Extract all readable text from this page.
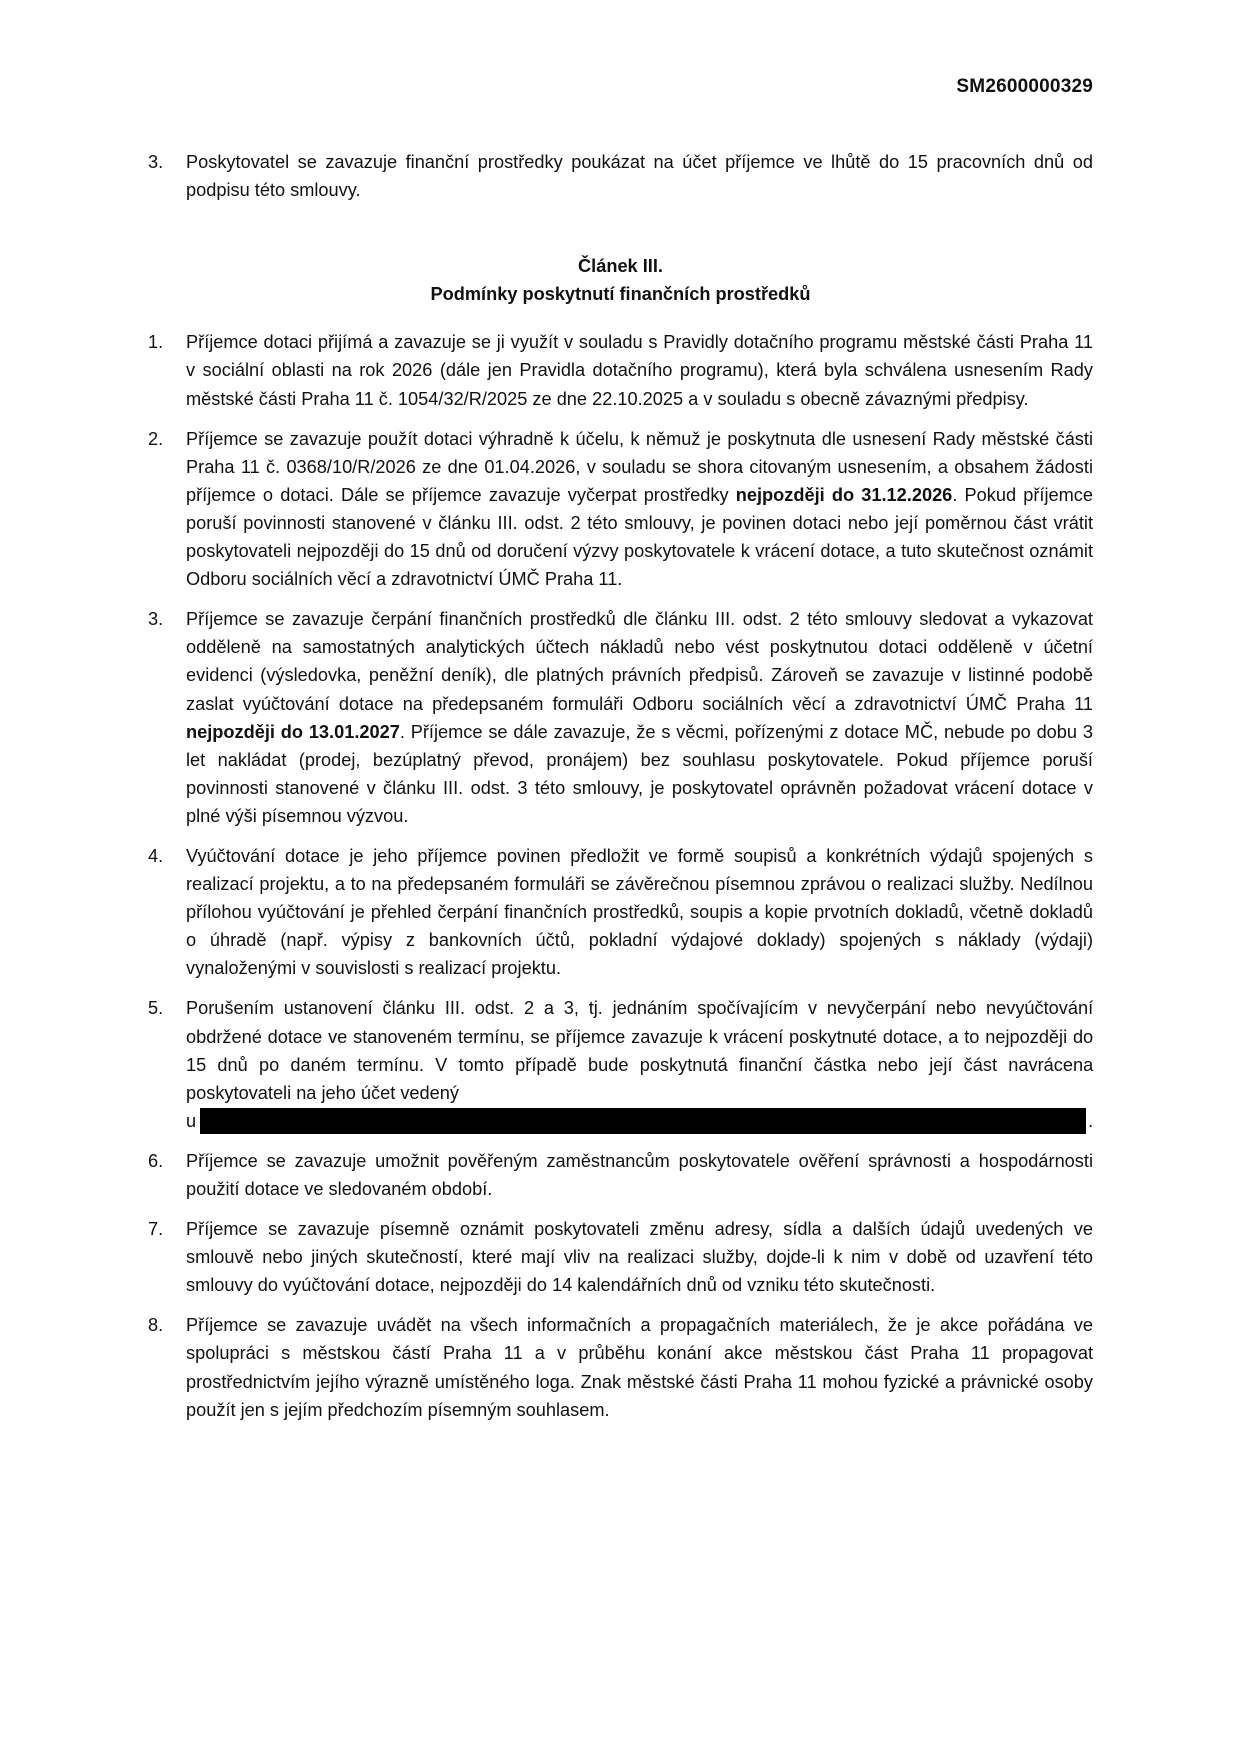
SM2600000329
3.	Poskytovatel se zavazuje finanční prostředky poukázat na účet příjemce ve lhůtě do 15 pracovních dnů od podpisu této smlouvy.
Článek III.
Podmínky poskytnutí finančních prostředků
1.	Příjemce dotaci přijímá a zavazuje se ji využít v souladu s Pravidly dotačního programu městské části Praha 11 v sociální oblasti na rok 2026 (dále jen Pravidla dotačního programu), která byla schválena usnesením Rady městské části Praha 11 č. 1054/32/R/2025 ze dne 22.10.2025 a v souladu s obecně závaznými předpisy.
2.	Příjemce se zavazuje použít dotaci výhradně k účelu, k němuž je poskytnuta dle usnesení Rady městské části Praha 11 č. 0368/10/R/2026 ze dne 01.04.2026, v souladu se shora citovaným usnesením, a obsahem žádosti příjemce o dotaci. Dále se příjemce zavazuje vyčerpat prostředky nejpozději do 31.12.2026. Pokud příjemce poruší povinnosti stanovené v článku III. odst. 2 této smlouvy, je povinen dotaci nebo její poměrnou část vrátit poskytovateli nejpozději do 15 dnů od doručení výzvy poskytovatele k vrácení dotace, a tuto skutečnost oznámit Odboru sociálních věcí a zdravotnictví ÚMČ Praha 11.
3.	Příjemce se zavazuje čerpání finančních prostředků dle článku III. odst. 2 této smlouvy sledovat a vykazovat odděleně na samostatných analytických účtech nákladů nebo vést poskytnutou dotaci odděleně v účetní evidenci (výsledovka, peněžní deník), dle platných právních předpisů. Zároveň se zavazuje v listinné podobě zaslat vyúčtování dotace na předepsaném formuláři Odboru sociálních věcí a zdravotnictví ÚMČ Praha 11 nejpozději do 13.01.2027. Příjemce se dále zavazuje, že s věcmi, pořízenými z dotace MČ, nebude po dobu 3 let nakládat (prodej, bezúplatný převod, pronájem) bez souhlasu poskytovatele. Pokud příjemce poruší povinnosti stanovené v článku III. odst. 3 této smlouvy, je poskytovatel oprávněn požadovat vrácení dotace v plné výši písemnou výzvou.
4.	Vyúčtování dotace je jeho příjemce povinen předložit ve formě soupisů a konkrétních výdajů spojených s realizací projektu, a to na předepsaném formuláři se závěrečnou písemnou zprávou o realizaci služby. Nedílnou přílohou vyúčtování je přehled čerpání finančních prostředků, soupis a kopie prvotních dokladů, včetně dokladů o úhradě (např. výpisy z bankovních účtů, pokladní výdajové doklady) spojených s náklady (výdaji) vynaloženými v souvislosti s realizací projektu.
5.	Porušením ustanovení článku III. odst. 2 a 3, tj. jednáním spočívajícím v nevyčerpání nebo nevyúčtování obdržené dotace ve stanoveném termínu, se příjemce zavazuje k vrácení poskytnuté dotace, a to nejpozději do 15 dnů po daném termínu. V tomto případě bude poskytnutá finanční částka nebo její část navrácena poskytovateli na jeho účet vedený
u	.
6.	Příjemce se zavazuje umožnit pověřeným zaměstnancům poskytovatele ověření správnosti a hospodárnosti použití dotace ve sledovaném období.
7.	Příjemce se zavazuje písemně oznámit poskytovateli změnu adresy, sídla a dalších údajů uvedených ve smlouvě nebo jiných skutečností, které mají vliv na realizaci služby, dojde-li k nim v době od uzavření této smlouvy do vyúčtování dotace, nejpozději do 14 kalendářních dnů od vzniku této skutečnosti.
8.	Příjemce se zavazuje uvádět na všech informačních a propagačních materiálech, že je akce pořádána ve spolupráci s městskou částí Praha 11 a v průběhu konání akce městskou část Praha 11 propagovat prostřednictvím jejího výrazně umístěného loga. Znak městské části Praha 11 mohou fyzické a právnické osoby použít jen s jejím předchozím písemným souhlasem.
